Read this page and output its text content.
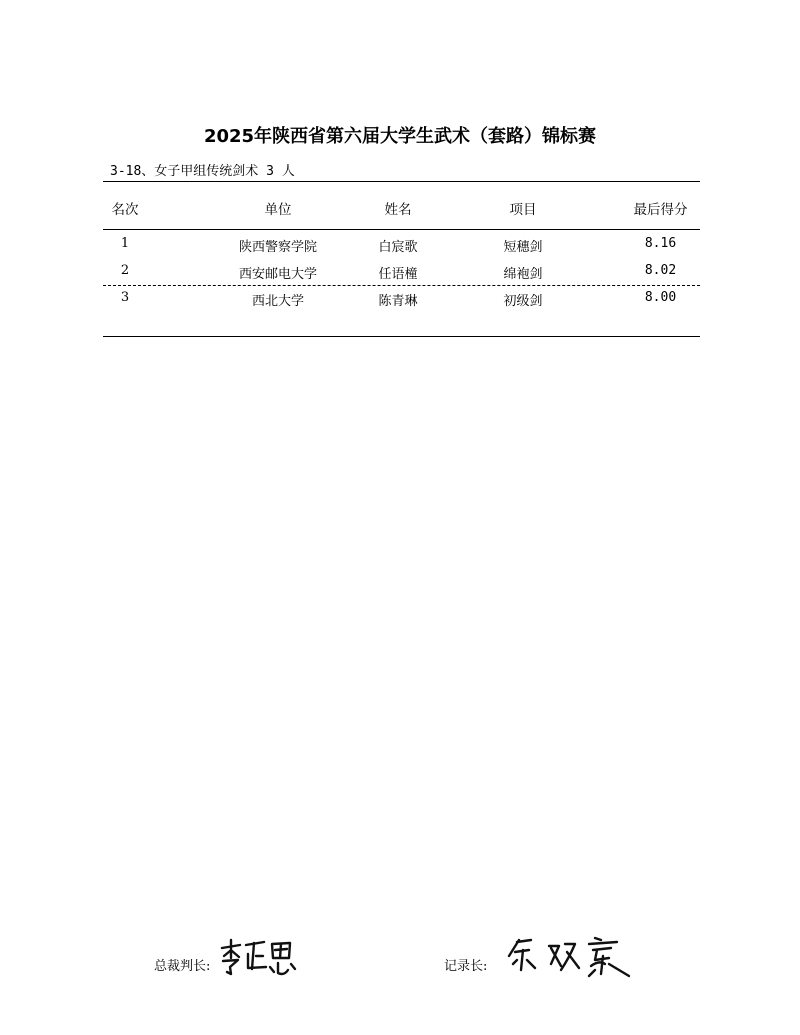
2025年陕西省第六届大学生武术（套路）锦标赛
3-18、女子甲组传统剑术 3 人
名次	单位	姓名	项目	最后得分
1	陕西警察学院	白宸歌	短穗剑	8.16
2	西安邮电大学	任语橦	绵袍剑	8.02
3	西北大学	陈青琳	初级剑	8.00
总裁判长:	记录长:
